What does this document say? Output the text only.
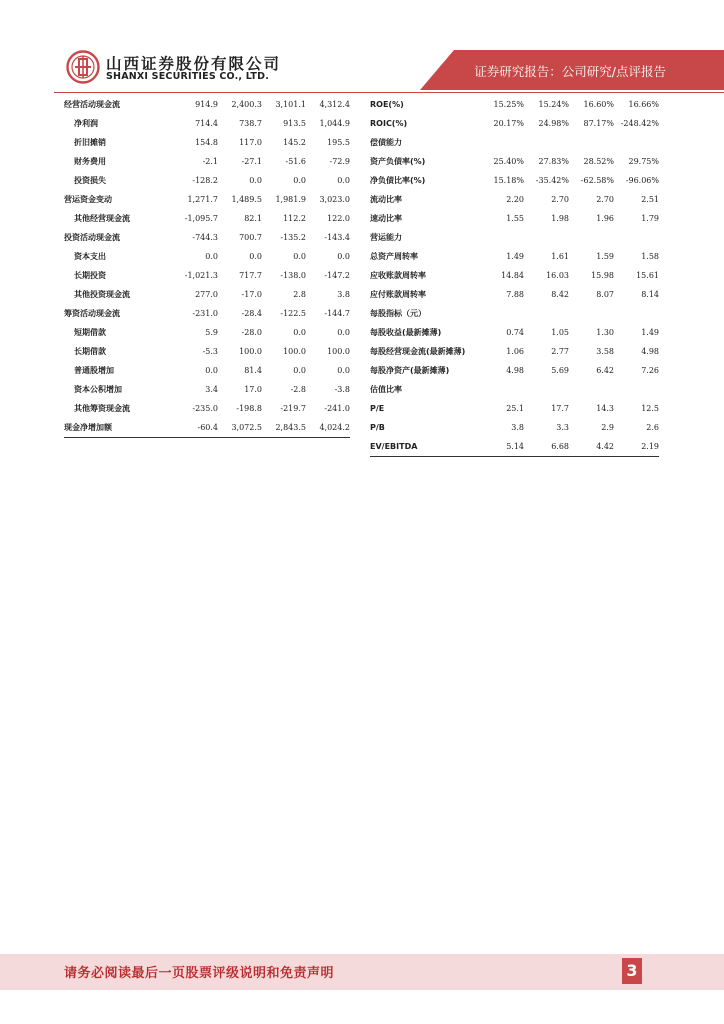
山西证券股份有限公司
SHANXI SECURITIES CO., LTD.	证券研究报告：公司研究/点评报告
经营活动现金流	914.9	2,400.3	3,101.1	4,312.4
净利润	714.4	738.7	913.5	1,044.9
折旧摊销	154.8	117.0	145.2	195.5
财务费用	-2.1	-27.1	-51.6	-72.9
投资损失	-128.2	0.0	0.0	0.0
营运资金变动	1,271.7	1,489.5	1,981.9	3,023.0
其他经营现金流	-1,095.7	82.1	112.2	122.0
投资活动现金流	-744.3	700.7	-135.2	-143.4
资本支出	0.0	0.0	0.0	0.0
长期投资	-1,021.3	717.7	-138.0	-147.2
其他投资现金流	277.0	-17.0	2.8	3.8
筹资活动现金流	-231.0	-28.4	-122.5	-144.7
短期借款	5.9	-28.0	0.0	0.0
长期借款	-5.3	100.0	100.0	100.0
普通股增加	0.0	81.4	0.0	0.0
资本公积增加	3.4	17.0	-2.8	-3.8
其他筹资现金流	-235.0	-198.8	-219.7	-241.0
现金净增加额	-60.4	3,072.5	2,843.5	4,024.2
ROE(%)	15.25%	15.24%	16.60%	16.66%
ROIC(%)	20.17%	24.98%	87.17%	-248.42%
偿债能力				
资产负债率(%)	25.40%	27.83%	28.52%	29.75%
净负债比率(%)	15.18%	-35.42%	-62.58%	-96.06%
流动比率	2.20	2.70	2.70	2.51
速动比率	1.55	1.98	1.96	1.79
营运能力				
总资产周转率	1.49	1.61	1.59	1.58
应收账款周转率	14.84	16.03	15.98	15.61
应付账款周转率	7.88	8.42	8.07	8.14
每股指标（元）				
每股收益(最新摊薄)	0.74	1.05	1.30	1.49
每股经营现金流(最新摊薄)	1.06	2.77	3.58	4.98
每股净资产(最新摊薄)	4.98	5.69	6.42	7.26
估值比率				
P/E	25.1	17.7	14.3	12.5
P/B	3.8	3.3	2.9	2.6
EV/EBITDA	5.14	6.68	4.42	2.19
请务必阅读最后一页股票评级说明和免责声明	3
